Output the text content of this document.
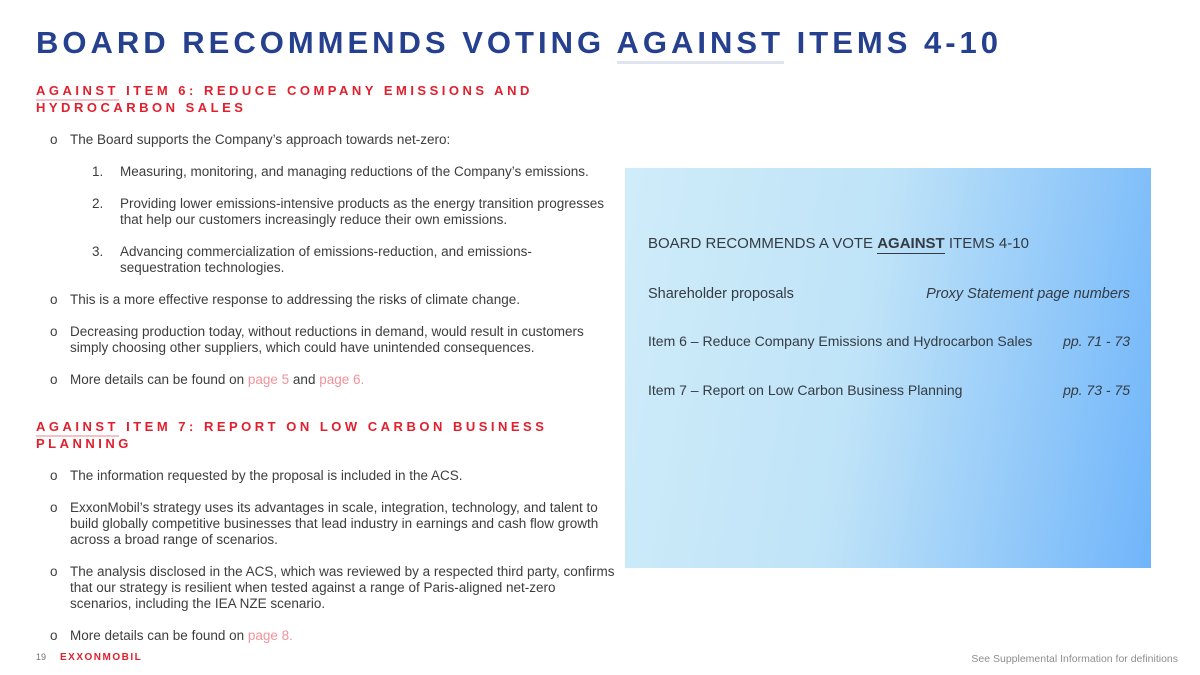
BOARD RECOMMENDS VOTING AGAINST ITEMS 4-10
AGAINST ITEM 6: REDUCE COMPANY EMISSIONS AND HYDROCARBON SALES
o The Board supports the Company’s approach towards net-zero:
1.	Measuring, monitoring, and managing reductions of the Company’s emissions.
2.	Providing lower emissions-intensive products as the energy transition progresses that help our customers increasingly reduce their own emissions.
3.	Advancing commercialization of emissions-reduction, and emissions-sequestration technologies.
o This is a more effective response to addressing the risks of climate change.
o Decreasing production today, without reductions in demand, would result in customers simply choosing other suppliers, which could have unintended consequences.
o More details can be found on page 5 and page 6.
AGAINST ITEM 7: REPORT ON LOW CARBON BUSINESS PLANNING
o The information requested by the proposal is included in the ACS.
o ExxonMobil’s strategy uses its advantages in scale, integration, technology, and talent to build globally competitive businesses that lead industry in earnings and cash flow growth across a broad range of scenarios.
o The analysis disclosed in the ACS, which was reviewed by a respected third party, confirms that our strategy is resilient when tested against a range of Paris-aligned net-zero scenarios, including the IEA NZE scenario.
o More details can be found on page 8.

BOARD RECOMMENDS A VOTE AGAINST ITEMS 4-10

Shareholder proposals	Proxy Statement page numbers
Item 6 – Reduce Company Emissions and Hydrocarbon Sales pp. 71 - 73
Item 7 – Report on Low Carbon Business Planning	pp. 73 - 75
19 EXXONMOBIL	See Supplemental Information for definitions
